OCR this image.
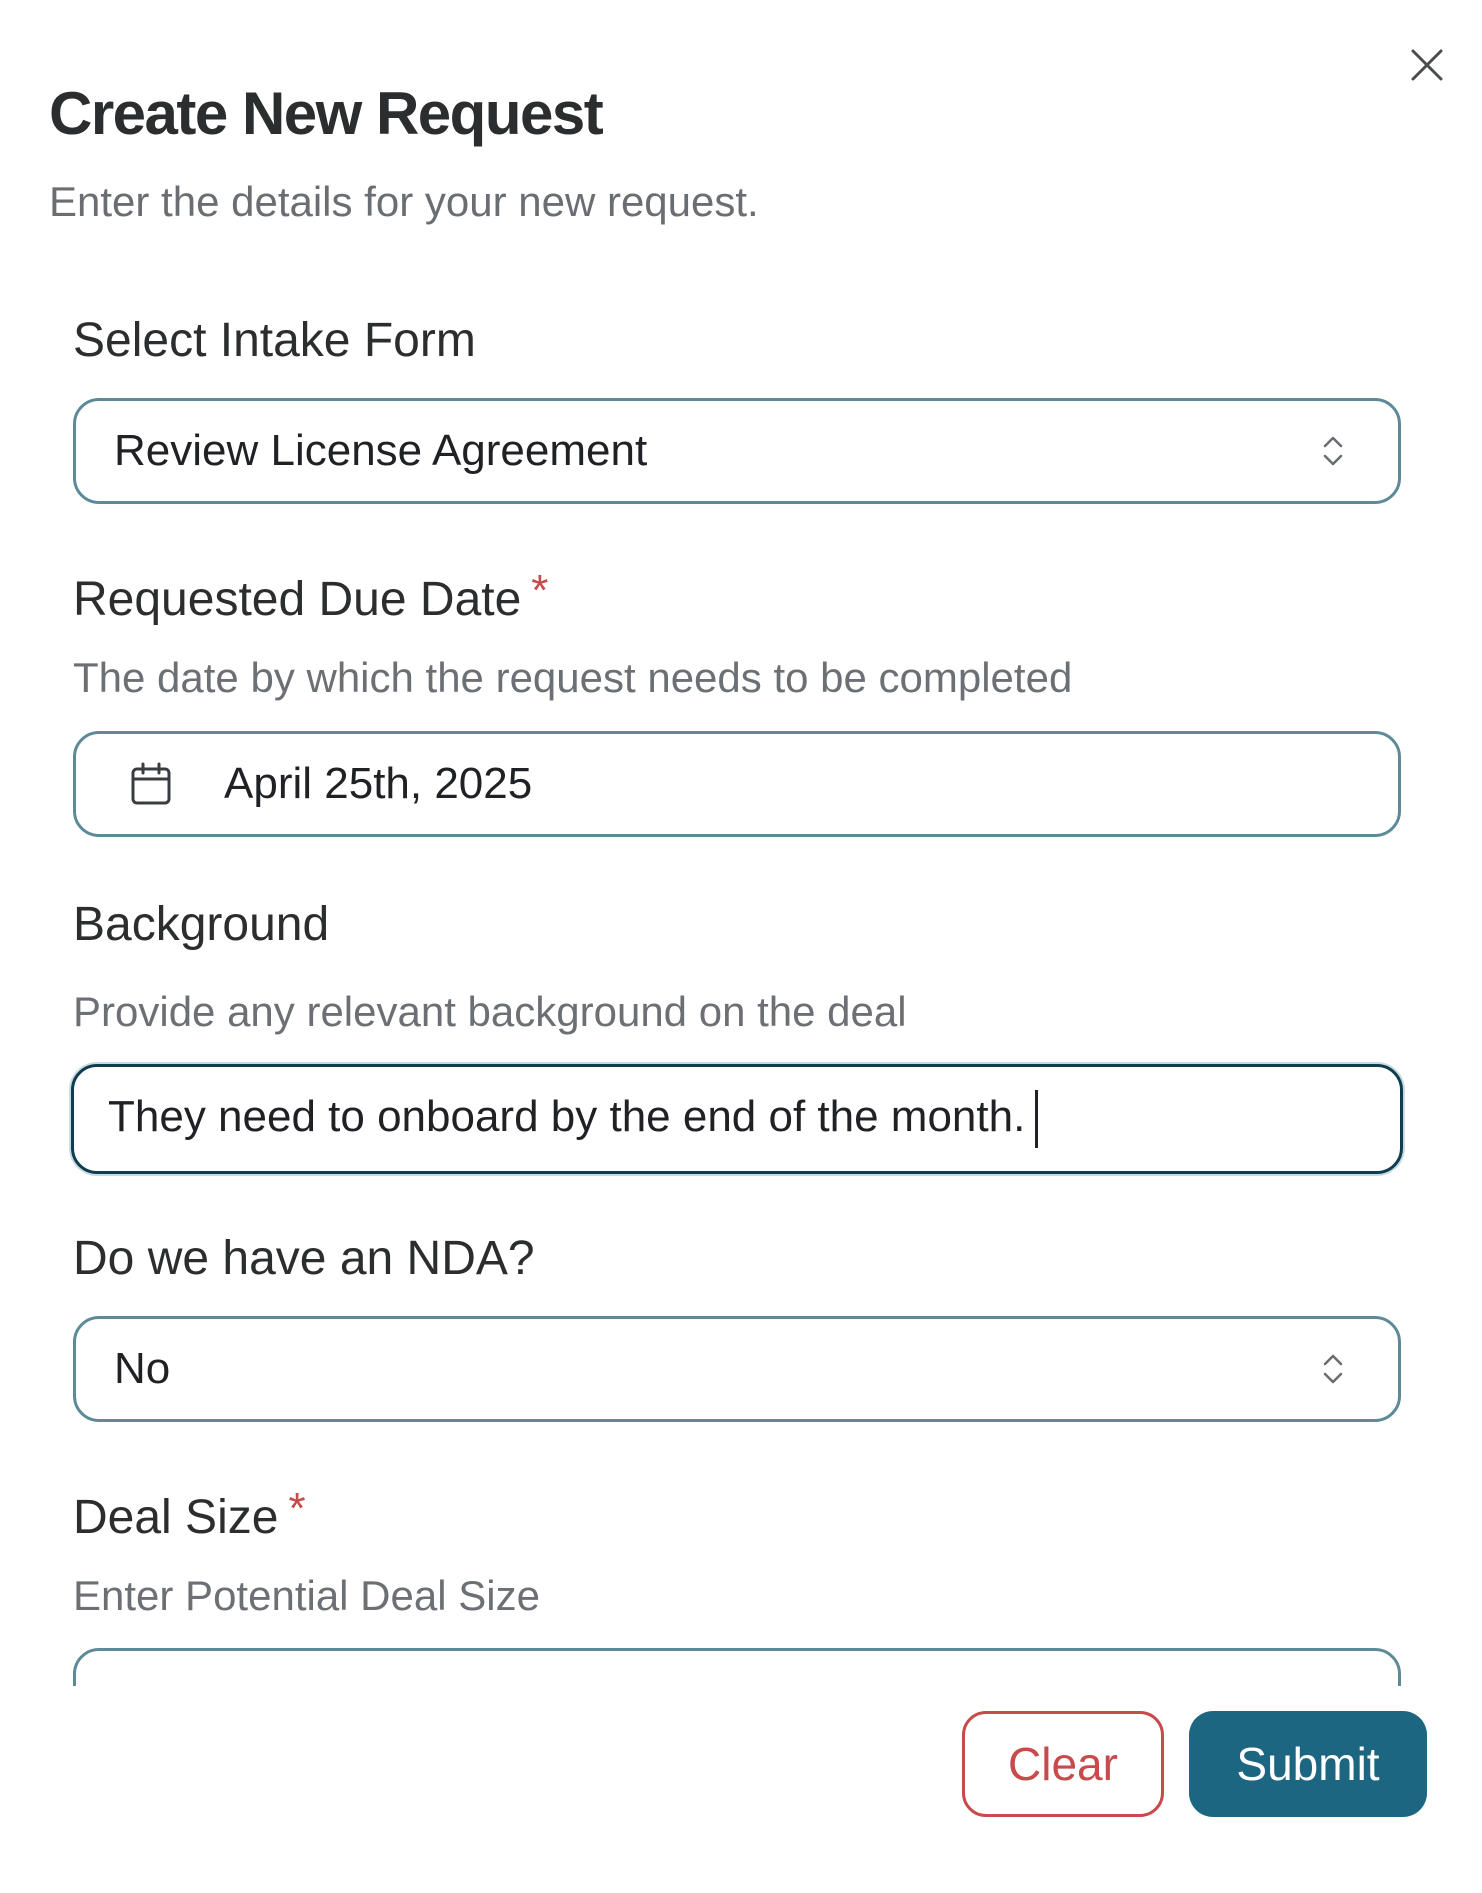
Create New Request

Enter the details for your new request.

Select Intake Form
Review License Agreement
Requested Due Date *
The date by which the request needs to be completed
April 25th, 2025
Background
Provide any relevant background on the deal
They need to onboard by the end of the month.
Do we have an NDA?
No
Deal Size *
Enter Potential Deal Size
Clear	Submit
